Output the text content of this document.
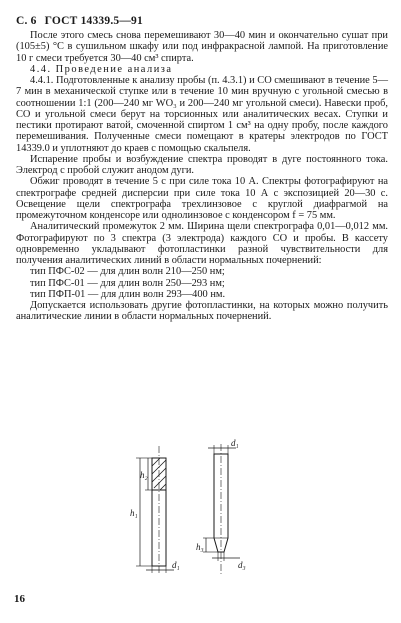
С. 6 ГОСТ 14339.5—91

После этого смесь снова перемешивают 30—40 мин и окончательно сушат при (105±5) °С в сушильном шкафу или под инфракрасной лампой. На приготовление 10 г смеси требуется 30—40 см³ спирта.

4.4. Проведение анализа

4.4.1. Подготовленные к анализу пробы (п. 4.3.1) и СО смешивают в течение 5—7 мин в механической ступке или в течение 10 мин вручную с угольной смесью в соотношении 1:1 (200—240 мг WO₃ и 200—240 мг угольной смеси). Навески проб, СО и угольной смеси берут на торсионных или аналитических весах. Ступки и пестики протирают ватой, смоченной спиртом 1 см³ на одну пробу, после каждого перемешивания. Полученные смеси помещают в кратеры электродов по ГОСТ 14339.0 и уплотняют до краев с помощью скальпеля.

Испарение пробы и возбуждение спектра проводят в дуге постоянного тока. Электрод с пробой служит анодом дуги.

Обжиг проводят в течение 5 с при силе тока 10 А. Спектры фотографируют на спектрографе средней дисперсии при силе тока 10 А с экспозицией 20—30 с. Освещение щели спектрографа трехлинзовое с круглой диафрагмой на промежуточном конденсоре или однолинзовое с конденсором f = 75 мм.

Аналитический промежуток 2 мм. Ширина щели спектрографа 0,01—0,012 мм. Фотографируют по 3 спектра (3 электрода) каждого СО и пробы. В кассету одновременно укладывают фотопластинки разной чувствительности для получения аналитических линий в области нормальных почернений:

тип ПФС-02 — для длин волн 210—250 нм;

тип ПФС-01 — для длин волн 250—293 нм;

тип ПФП-01 — для длин волн 293—400 нм.

Допускается использовать другие фотопластинки, на которых можно получить аналитические линии в области нормальных почернений.

h₁
h₂
d₁
d₁
h₃
d₃
16
